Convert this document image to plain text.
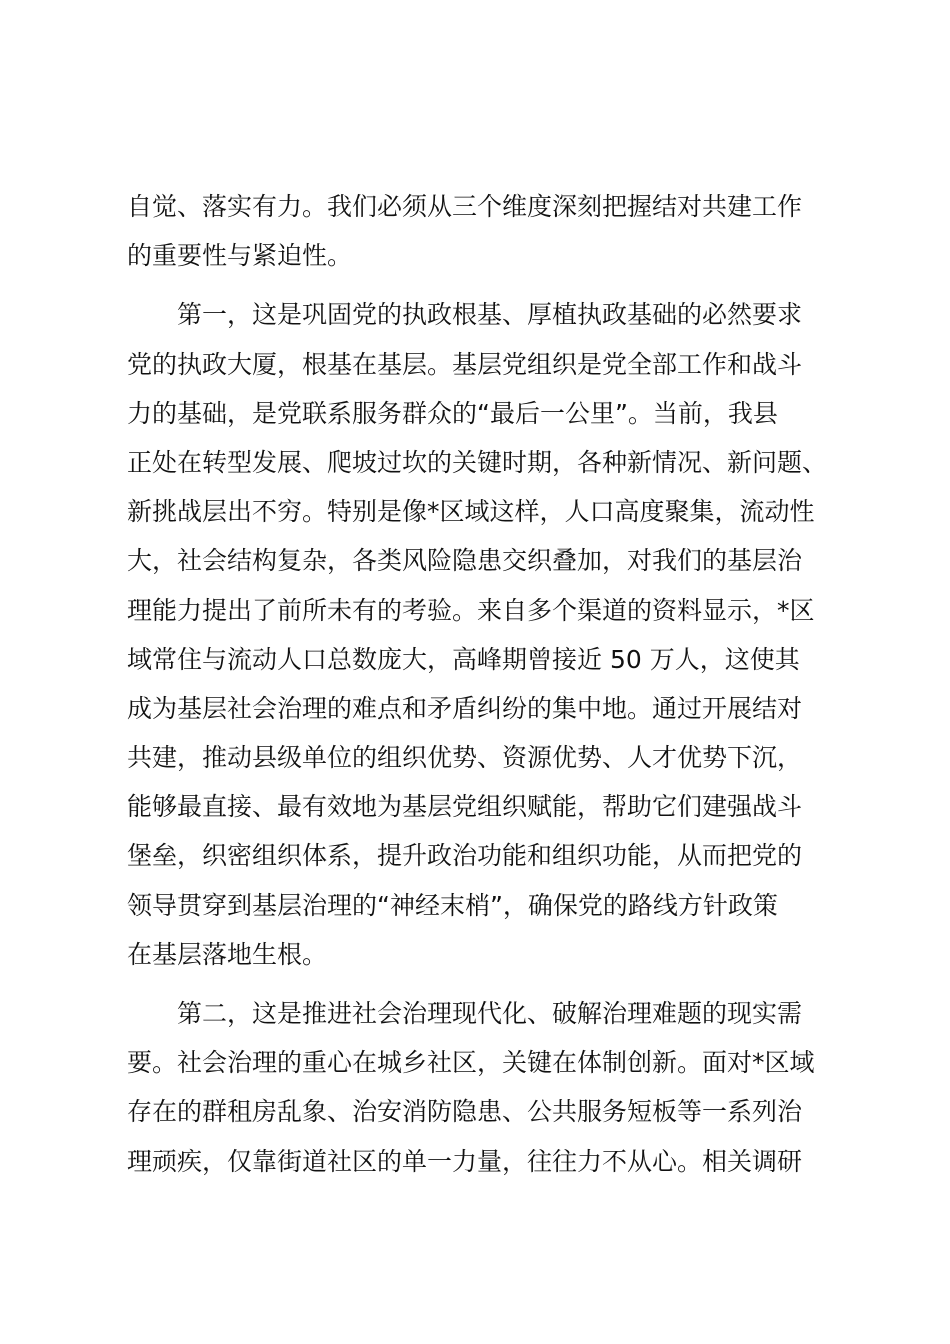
自觉、落实有力。我们必须从三个维度深刻把握结对共建工作
的重要性与紧迫性。
　　第一，这是巩固党的执政根基、厚植执政基础的必然要求
党的执政大厦，根基在基层。基层党组织是党全部工作和战斗
力的基础，是党联系服务群众的“最后一公里”。当前，我县
正处在转型发展、爬坡过坎的关键时期，各种新情况、新问题、
新挑战层出不穷。特别是像*区域这样，人口高度聚集，流动性
大，社会结构复杂，各类风险隐患交织叠加，对我们的基层治
理能力提出了前所未有的考验。来自多个渠道的资料显示，*区
域常住与流动人口总数庞大，高峰期曾接近 50 万人，这使其
成为基层社会治理的难点和矛盾纠纷的集中地。通过开展结对
共建，推动县级单位的组织优势、资源优势、人才优势下沉，
能够最直接、最有效地为基层党组织赋能，帮助它们建强战斗
堡垒，织密组织体系，提升政治功能和组织功能，从而把党的
领导贯穿到基层治理的“神经末梢”，确保党的路线方针政策
在基层落地生根。
　　第二，这是推进社会治理现代化、破解治理难题的现实需
要。社会治理的重心在城乡社区，关键在体制创新。面对*区域
存在的群租房乱象、治安消防隐患、公共服务短板等一系列治
理顽疾，仅靠街道社区的单一力量，往往力不从心。相关调研
